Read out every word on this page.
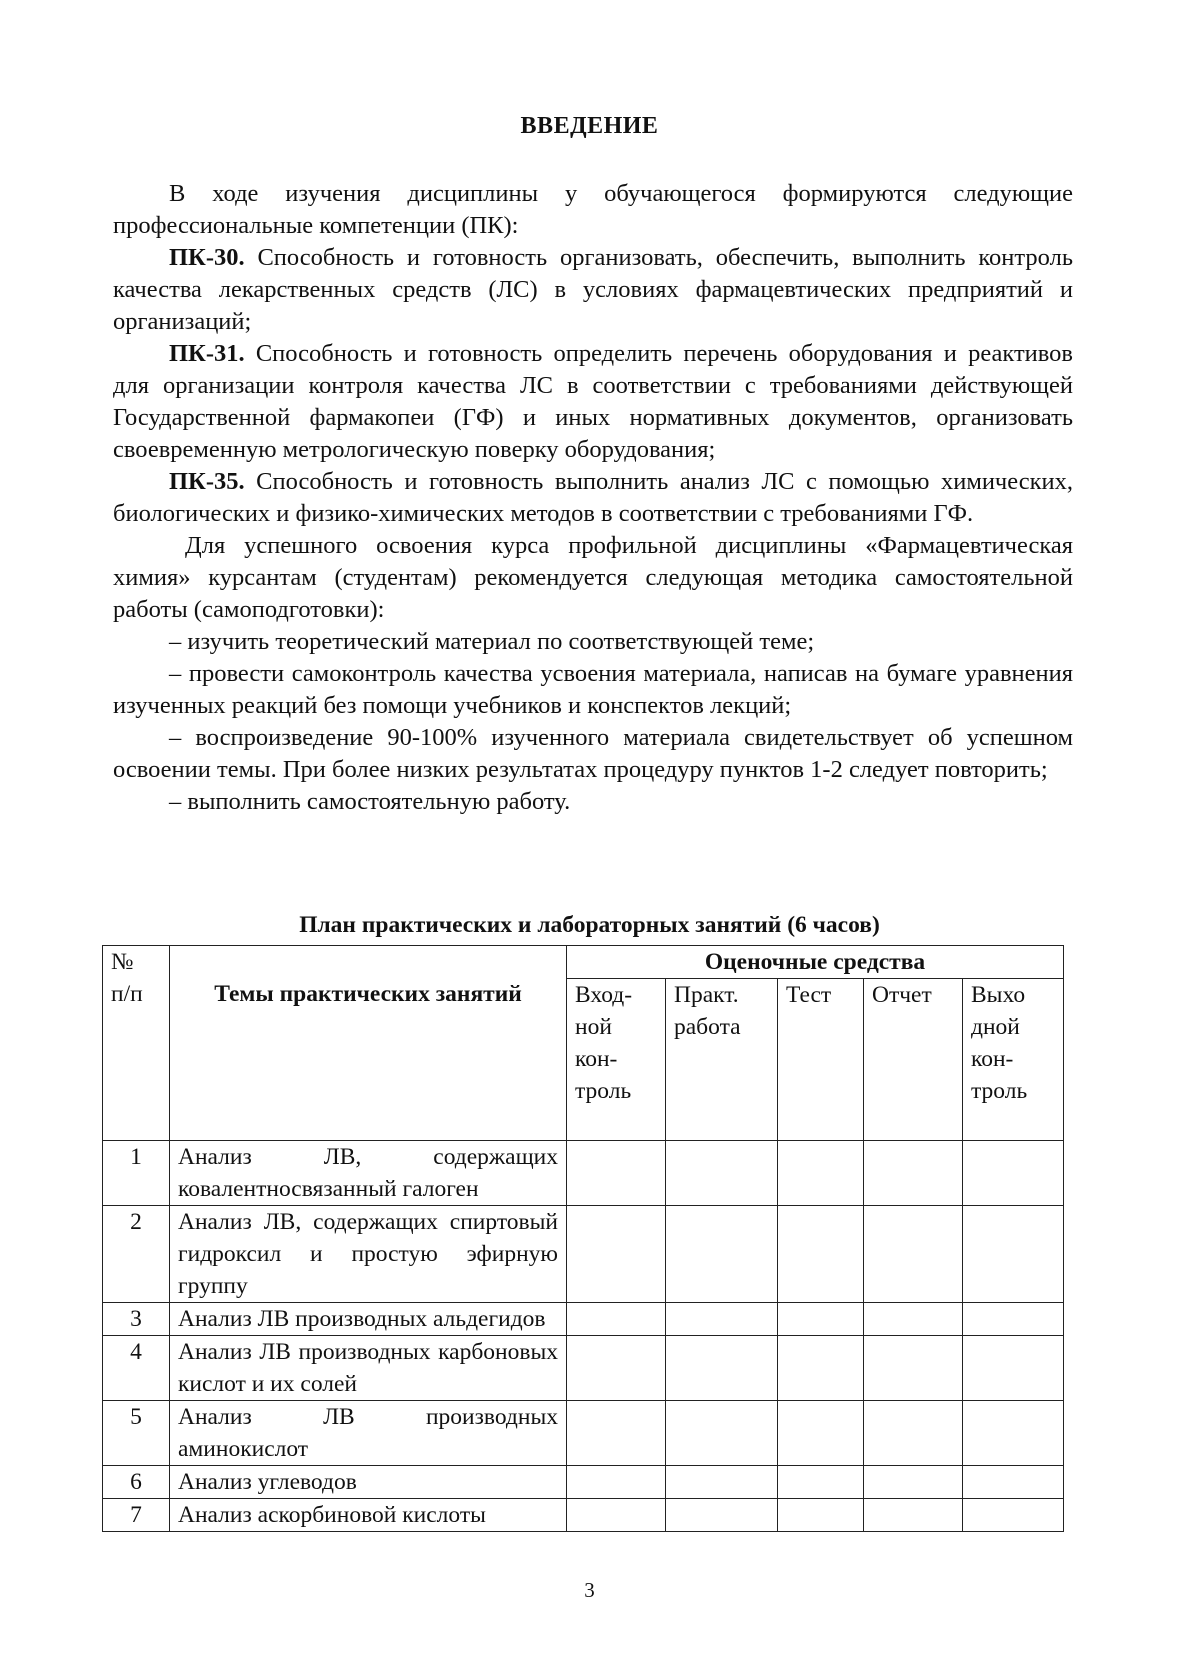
ВВЕДЕНИЕ

В ходе изучения дисциплины у обучающегося формируются следующие профессиональные компетенции (ПК):

ПК-30. Способность и готовность организовать, обеспечить, выполнить контроль качества лекарственных средств (ЛС) в условиях фармацевтических предприятий и организаций;

ПК-31. Способность и готовность определить перечень оборудования и реактивов для организации контроля качества ЛС в соответствии с требованиями действующей Государственной фармакопеи (ГФ) и иных нормативных документов, организовать своевременную метрологическую поверку оборудования;

ПК-35. Способность и готовность выполнить анализ ЛС с помощью химических, биологических и физико-химических методов в соответствии с требованиями ГФ.

Для успешного освоения курса профильной дисциплины «Фармацевтическая химия» курсантам (студентам) рекомендуется следующая методика самостоятельной работы (самоподготовки):

– изучить теоретический материал по соответствующей теме;

– провести самоконтроль качества усвоения материала, написав на бумаге уравнения изученных реакций без помощи учебников и конспектов лекций;

– воспроизведение 90-100% изученного материала свидетельствует об успешном освоении темы. При более низких результатах процедуру пунктов 1-2 следует повторить;

– выполнить самостоятельную работу.

План практических и лабораторных занятий (6 часов)
№
п/п	Темы практических занятий	Оценочные средства				

		Вход-ной кон-троль	Практ. работа	Тест	Отчет	Выхо дной кон-троль

1	Анализ ЛВ, содержащих ковалентносвязанный галоген					
2	Анализ ЛВ, содержащих спиртовый гидроксил и простую эфирную группу					
3	Анализ ЛВ производных альдегидов					
4	Анализ ЛВ производных карбоновых кислот и их солей					
5	Анализ ЛВ производных аминокислот					
6	Анализ углеводов					
7	Анализ аскорбиновой кислоты					
3
